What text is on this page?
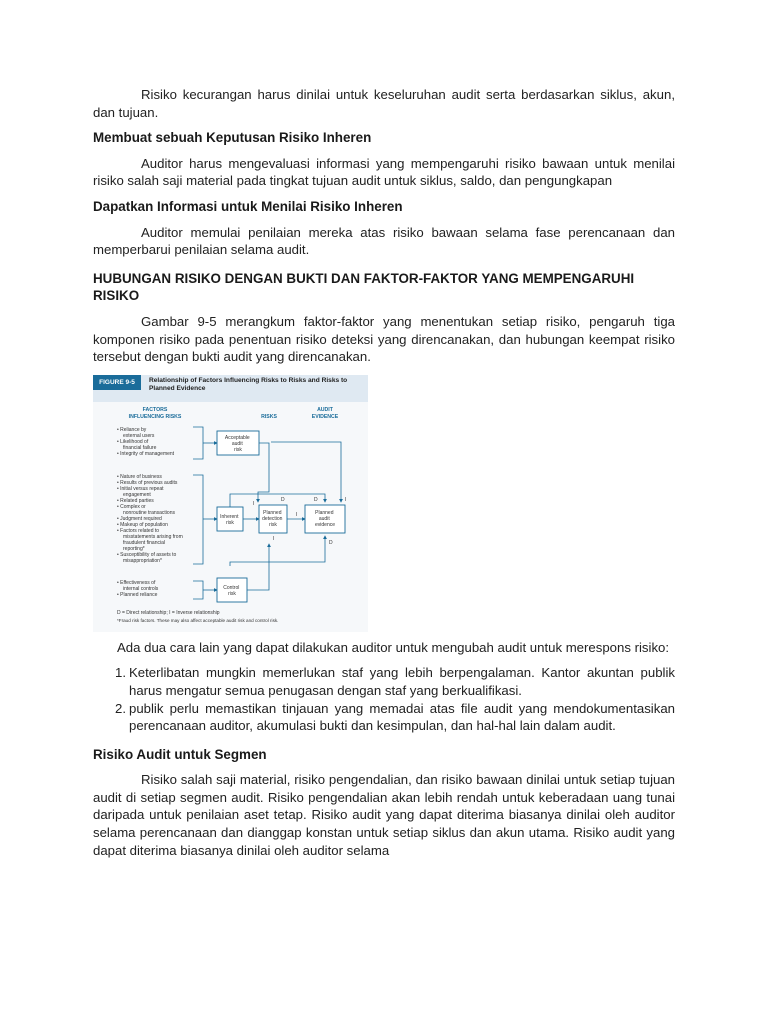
Risiko kecurangan harus dinilai untuk keseluruhan audit serta berdasarkan siklus, akun, dan tujuan.

Membuat sebuah Keputusan Risiko Inheren

Auditor harus mengevaluasi informasi yang mempengaruhi risiko bawaan untuk menilai risiko salah saji material pada tingkat tujuan audit untuk siklus, saldo, dan pengungkapan

Dapatkan Informasi untuk Menilai Risiko Inheren

Auditor memulai penilaian mereka atas risiko bawaan selama fase perencanaan dan memperbarui penilaian selama audit.

HUBUNGAN RISIKO DENGAN BUKTI DAN FAKTOR-FAKTOR YANG MEMPENGARUHI RISIKO

Gambar 9-5 merangkum faktor-faktor yang menentukan setiap risiko, pengaruh tiga komponen risiko pada penentuan risiko deteksi yang direncanakan, dan hubungan keempat risiko tersebut dengan bukti audit yang direncanakan.

FIGURE 9-5	Relationship of Factors Influencing Risks to Risks and Risks to Planned Evidence
FACTORS
INFLUENCING RISKS	RISKS
AUDIT
EVIDENCE
• Reliance by external users • Likelihood of financial failure • Integrity of management
• Nature of business • Results of previous audits • Initial versus repeat engagement • Related parties • Complex or nonroutine transactions • Judgment required • Makeup of population • Factors related to misstatements arising from fraudulent financial reporting* • Susceptibility of assets to misappropriation*
• Effectiveness of internal controls • Planned reliance
Acceptable audit risk
Inherent risk
Planned detection risk
Planned audit evidence
Control risk
I
I
D	D	I
I
D
D = Direct relationship; I = Inverse relationship
*Fraud risk factors. These may also affect acceptable audit risk and control risk.

Ada dua cara lain yang dapat dilakukan auditor untuk mengubah audit untuk merespons risiko:

1. Keterlibatan mungkin memerlukan staf yang lebih berpengalaman. Kantor akuntan publik harus mengatur semua penugasan dengan staf yang berkualifikasi.
2. publik perlu memastikan tinjauan yang memadai atas file audit yang mendokumentasikan perencanaan auditor, akumulasi bukti dan kesimpulan, dan hal-hal lain dalam audit.
Risiko Audit untuk Segmen

Risiko salah saji material, risiko pengendalian, dan risiko bawaan dinilai untuk setiap tujuan audit di setiap segmen audit. Risiko pengendalian akan lebih rendah untuk keberadaan uang tunai daripada untuk penilaian aset tetap. Risiko audit yang dapat diterima biasanya dinilai oleh auditor selama perencanaan dan dianggap konstan untuk setiap siklus dan akun utama. Risiko audit yang dapat diterima biasanya dinilai oleh auditor selama
